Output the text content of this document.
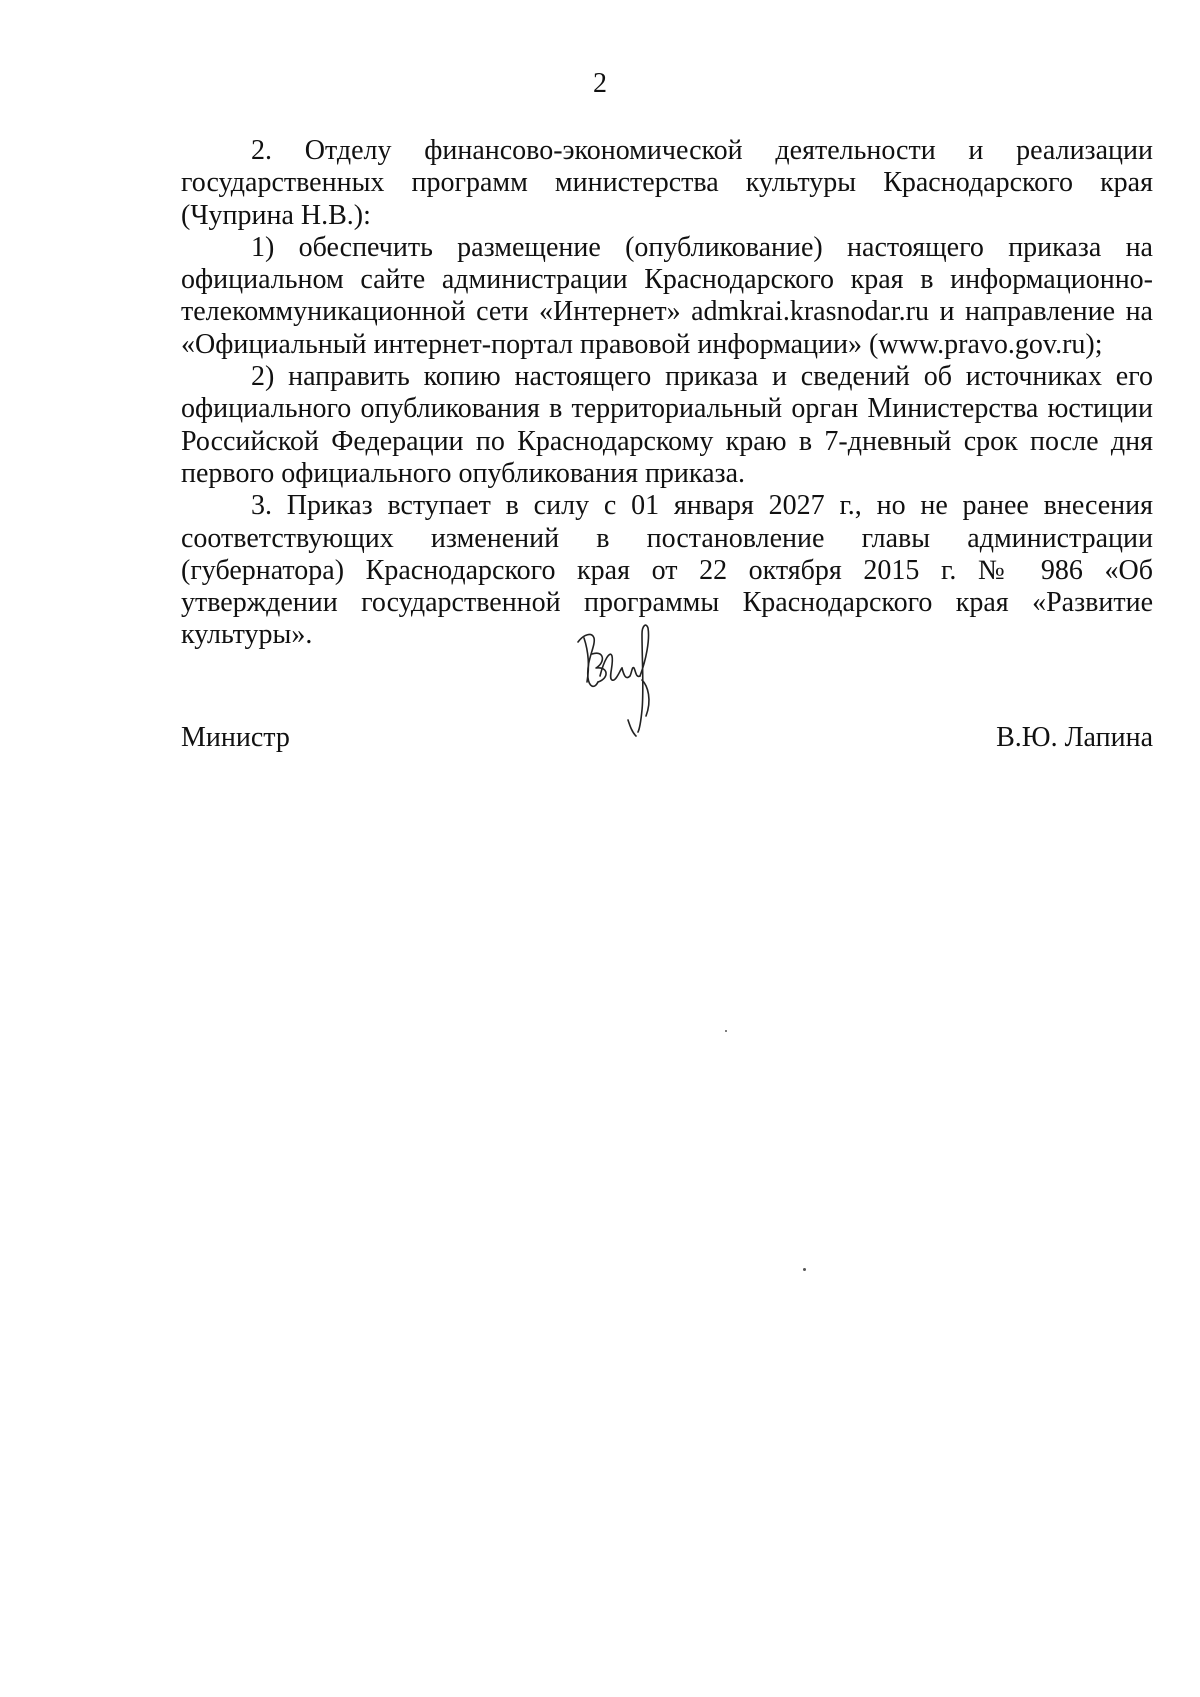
2

2. Отделу финансово-экономической деятельности и реализации государственных программ министерства культуры Краснодарского края (Чуприна Н.В.):

1) обеспечить размещение (опубликование) настоящего приказа на официальном сайте администрации Краснодарского края в информационно-телекоммуникационной сети «Интернет» admkrai.krasnodar.ru и направление на «Официальный интернет-портал правовой информации» (www.pravo.gov.ru);

2) направить копию настоящего приказа и сведений об источниках его официального опубликования в территориальный орган Министерства юстиции Российской Федерации по Краснодарскому краю в 7-дневный срок после дня первого официального опубликования приказа.

3. Приказ вступает в силу с 01 января 2027 г., но не ранее внесения соответствующих изменений в постановление главы администрации (губернатора) Краснодарского края от 22 октября 2015 г. № 986 «Об утверждении государственной программы Краснодарского края «Развитие культуры».

Министр	В.Ю. Лапина
